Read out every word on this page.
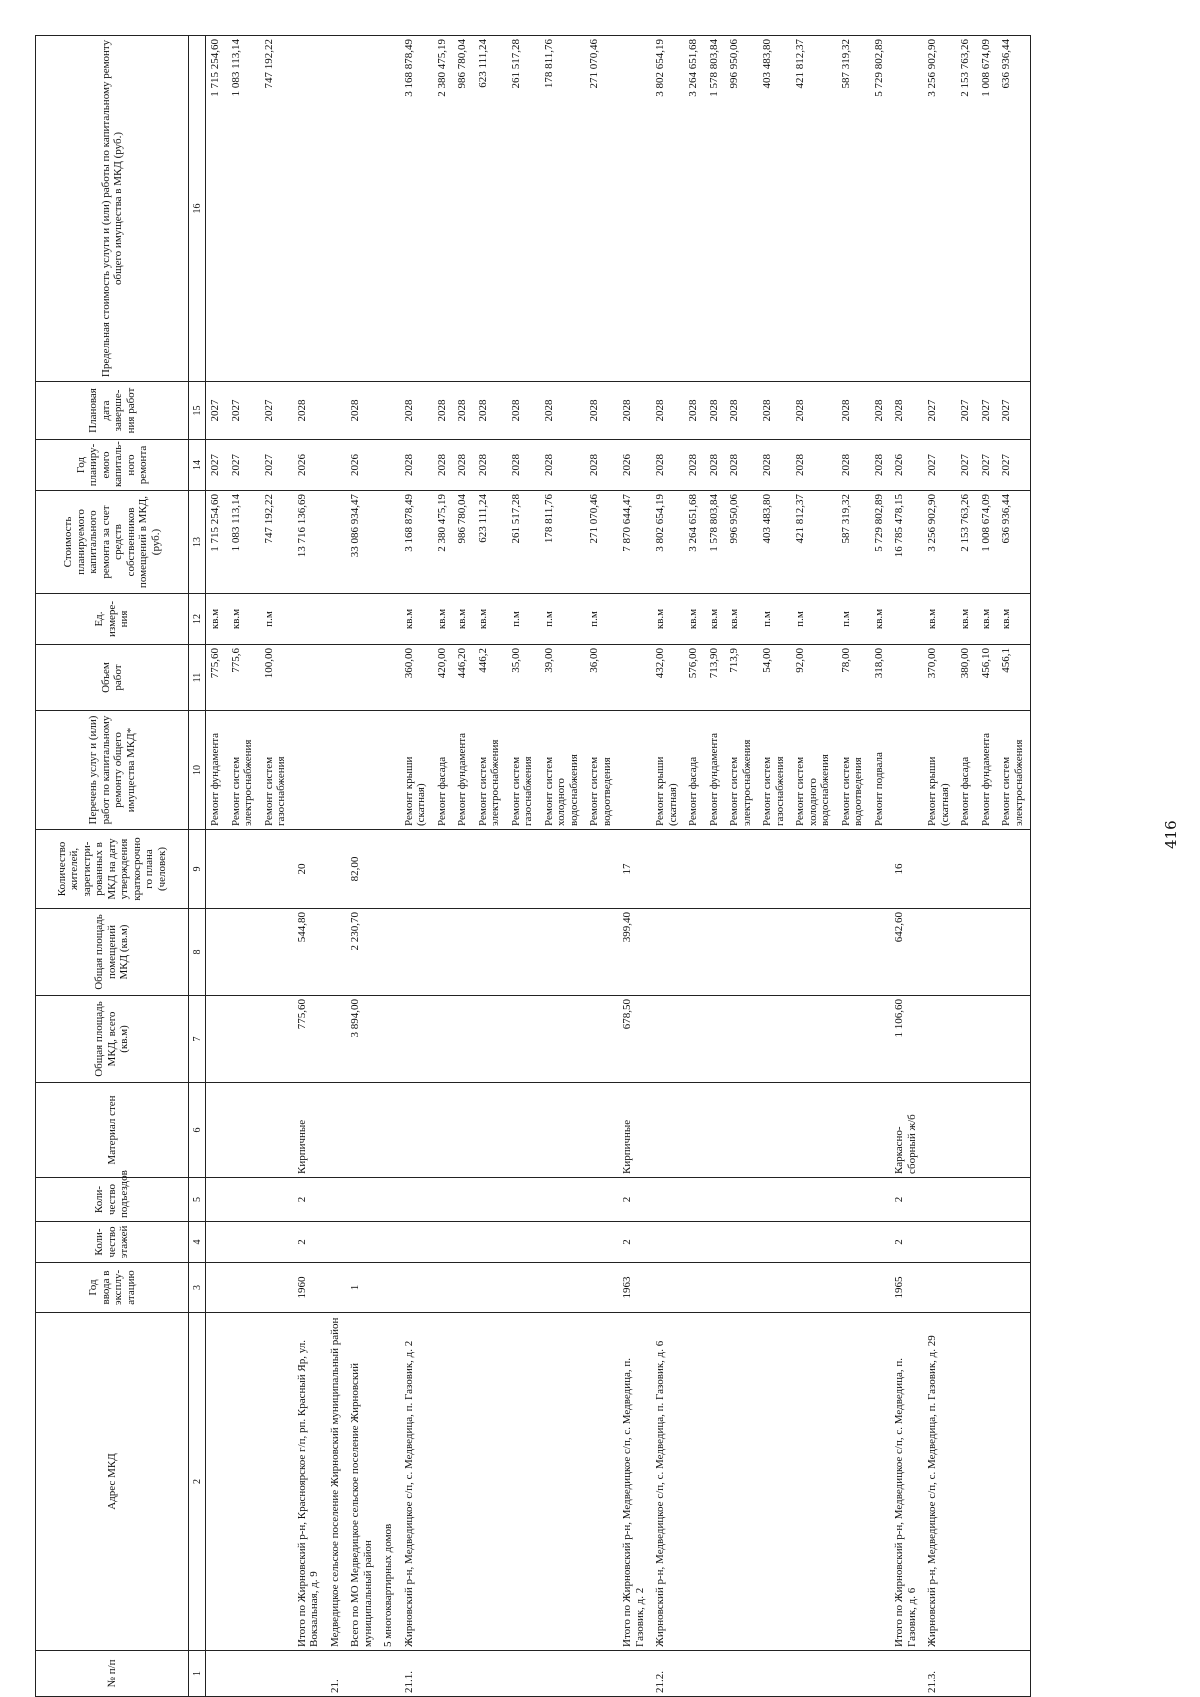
416
№ п/п	Адрес МКД	Год ввода в эксплу-атацию	Коли-чество этажей	Коли-чество подъездов	Материал стен	Общая площадь МКД, всего (кв.м)	Общая площадь помещений МКД (кв.м)	Количество жителей, зарегистри-рованных в МКД на дату утверждения краткосрочно го плана (человек)	Перечень услуг и (или) работ по капитальному ремонту общего имущества МКД*	Объем работ	Ед. измере-ния	Стоимость планируемого капитального ремонта за счет средств собственников помещений в МКД, (руб.)	Год планиру-емого капиталь-ного ремонта	Плановая дата заверше-ния работ	Предельная стоимость услуги и (или) работы по капитальному ремонту общего имущества в МКД (руб.)
1	2	3	4	5	6	7	8	9	10	11	12	13	14	15	16
									Ремонт фундамента	775,60	кв.м	1 715 254,60	2027	2027	1 715 254,60
									Ремонт систем электроснабжения	775,6	кв.м	1 083 113,14	2027	2027	1 083 113,14
									Ремонт систем газоснабжения	100,00	п.м	747 192,22	2027	2027	747 192,22
	Итого по Жирновский р-н, Красноярское г/п, рп. Красный Яр, ул. Вокзальная, д. 9	1960	2	2	Кирпичные	775,60	544,80	20				13 716 136,69	2026	2028	
21.	Медведицкое сельское поселение Жирновский муниципальный район														
	Всего по МО Медведицкое сельское поселение Жирновский муниципальный район	1				3 894,00	2 230,70	82,00				33 086 934,47	2026	2028	
	5 многоквартирных домов														
21.1.	Жирновский р-н, Медведицкое с/п, с. Медведица, п. Газовик, д. 2								Ремонт крыши (скатная)	360,00	кв.м	3 168 878,49	2028	2028	3 168 878,49
									Ремонт фасада	420,00	кв.м	2 380 475,19	2028	2028	2 380 475,19
									Ремонт фундамента	446,20	кв.м	986 780,04	2028	2028	986 780,04
									Ремонт систем электроснабжения	446,2	кв.м	623 111,24	2028	2028	623 111,24
									Ремонт систем газоснабжения	35,00	п.м	261 517,28	2028	2028	261 517,28
									Ремонт систем холодного водоснабжения	39,00	п.м	178 811,76	2028	2028	178 811,76
									Ремонт систем водоотведения	36,00	п.м	271 070,46	2028	2028	271 070,46
	Итого по Жирновский р-н, Медведицкое с/п, с. Медведица, п. Газовик, д. 2	1963	2	2	Кирпичные	678,50	399,40	17				7 870 644,47	2026	2028	
21.2.	Жирновский р-н, Медведицкое с/п, с. Медведица, п. Газовик, д. 6								Ремонт крыши (скатная)	432,00	кв.м	3 802 654,19	2028	2028	3 802 654,19
									Ремонт фасада	576,00	кв.м	3 264 651,68	2028	2028	3 264 651,68
									Ремонт фундамента	713,90	кв.м	1 578 803,84	2028	2028	1 578 803,84
									Ремонт систем электроснабжения	713,9	кв.м	996 950,06	2028	2028	996 950,06
									Ремонт систем газоснабжения	54,00	п.м	403 483,80	2028	2028	403 483,80
									Ремонт систем холодного водоснабжения	92,00	п.м	421 812,37	2028	2028	421 812,37
									Ремонт систем водоотведения	78,00	п.м	587 319,32	2028	2028	587 319,32
									Ремонт подвала	318,00	кв.м	5 729 802,89	2028	2028	5 729 802,89
	Итого по Жирновский р-н, Медведицкое с/п, с. Медведица, п. Газовик, д. 6	1965	2	2	Каркасно-сборный ж/б	1 106,60	642,60	16				16 785 478,15	2026	2028	
21.3.	Жирновский р-н, Медведицкое с/п, с. Медведица, п. Газовик, д. 29								Ремонт крыши (скатная)	370,00	кв.м	3 256 902,90	2027	2027	3 256 902,90
									Ремонт фасада	380,00	кв.м	2 153 763,26	2027	2027	2 153 763,26
									Ремонт фундамента	456,10	кв.м	1 008 674,09	2027	2027	1 008 674,09
									Ремонт систем электроснабжения	456,1	кв.м	636 936,44	2027	2027	636 936,44
